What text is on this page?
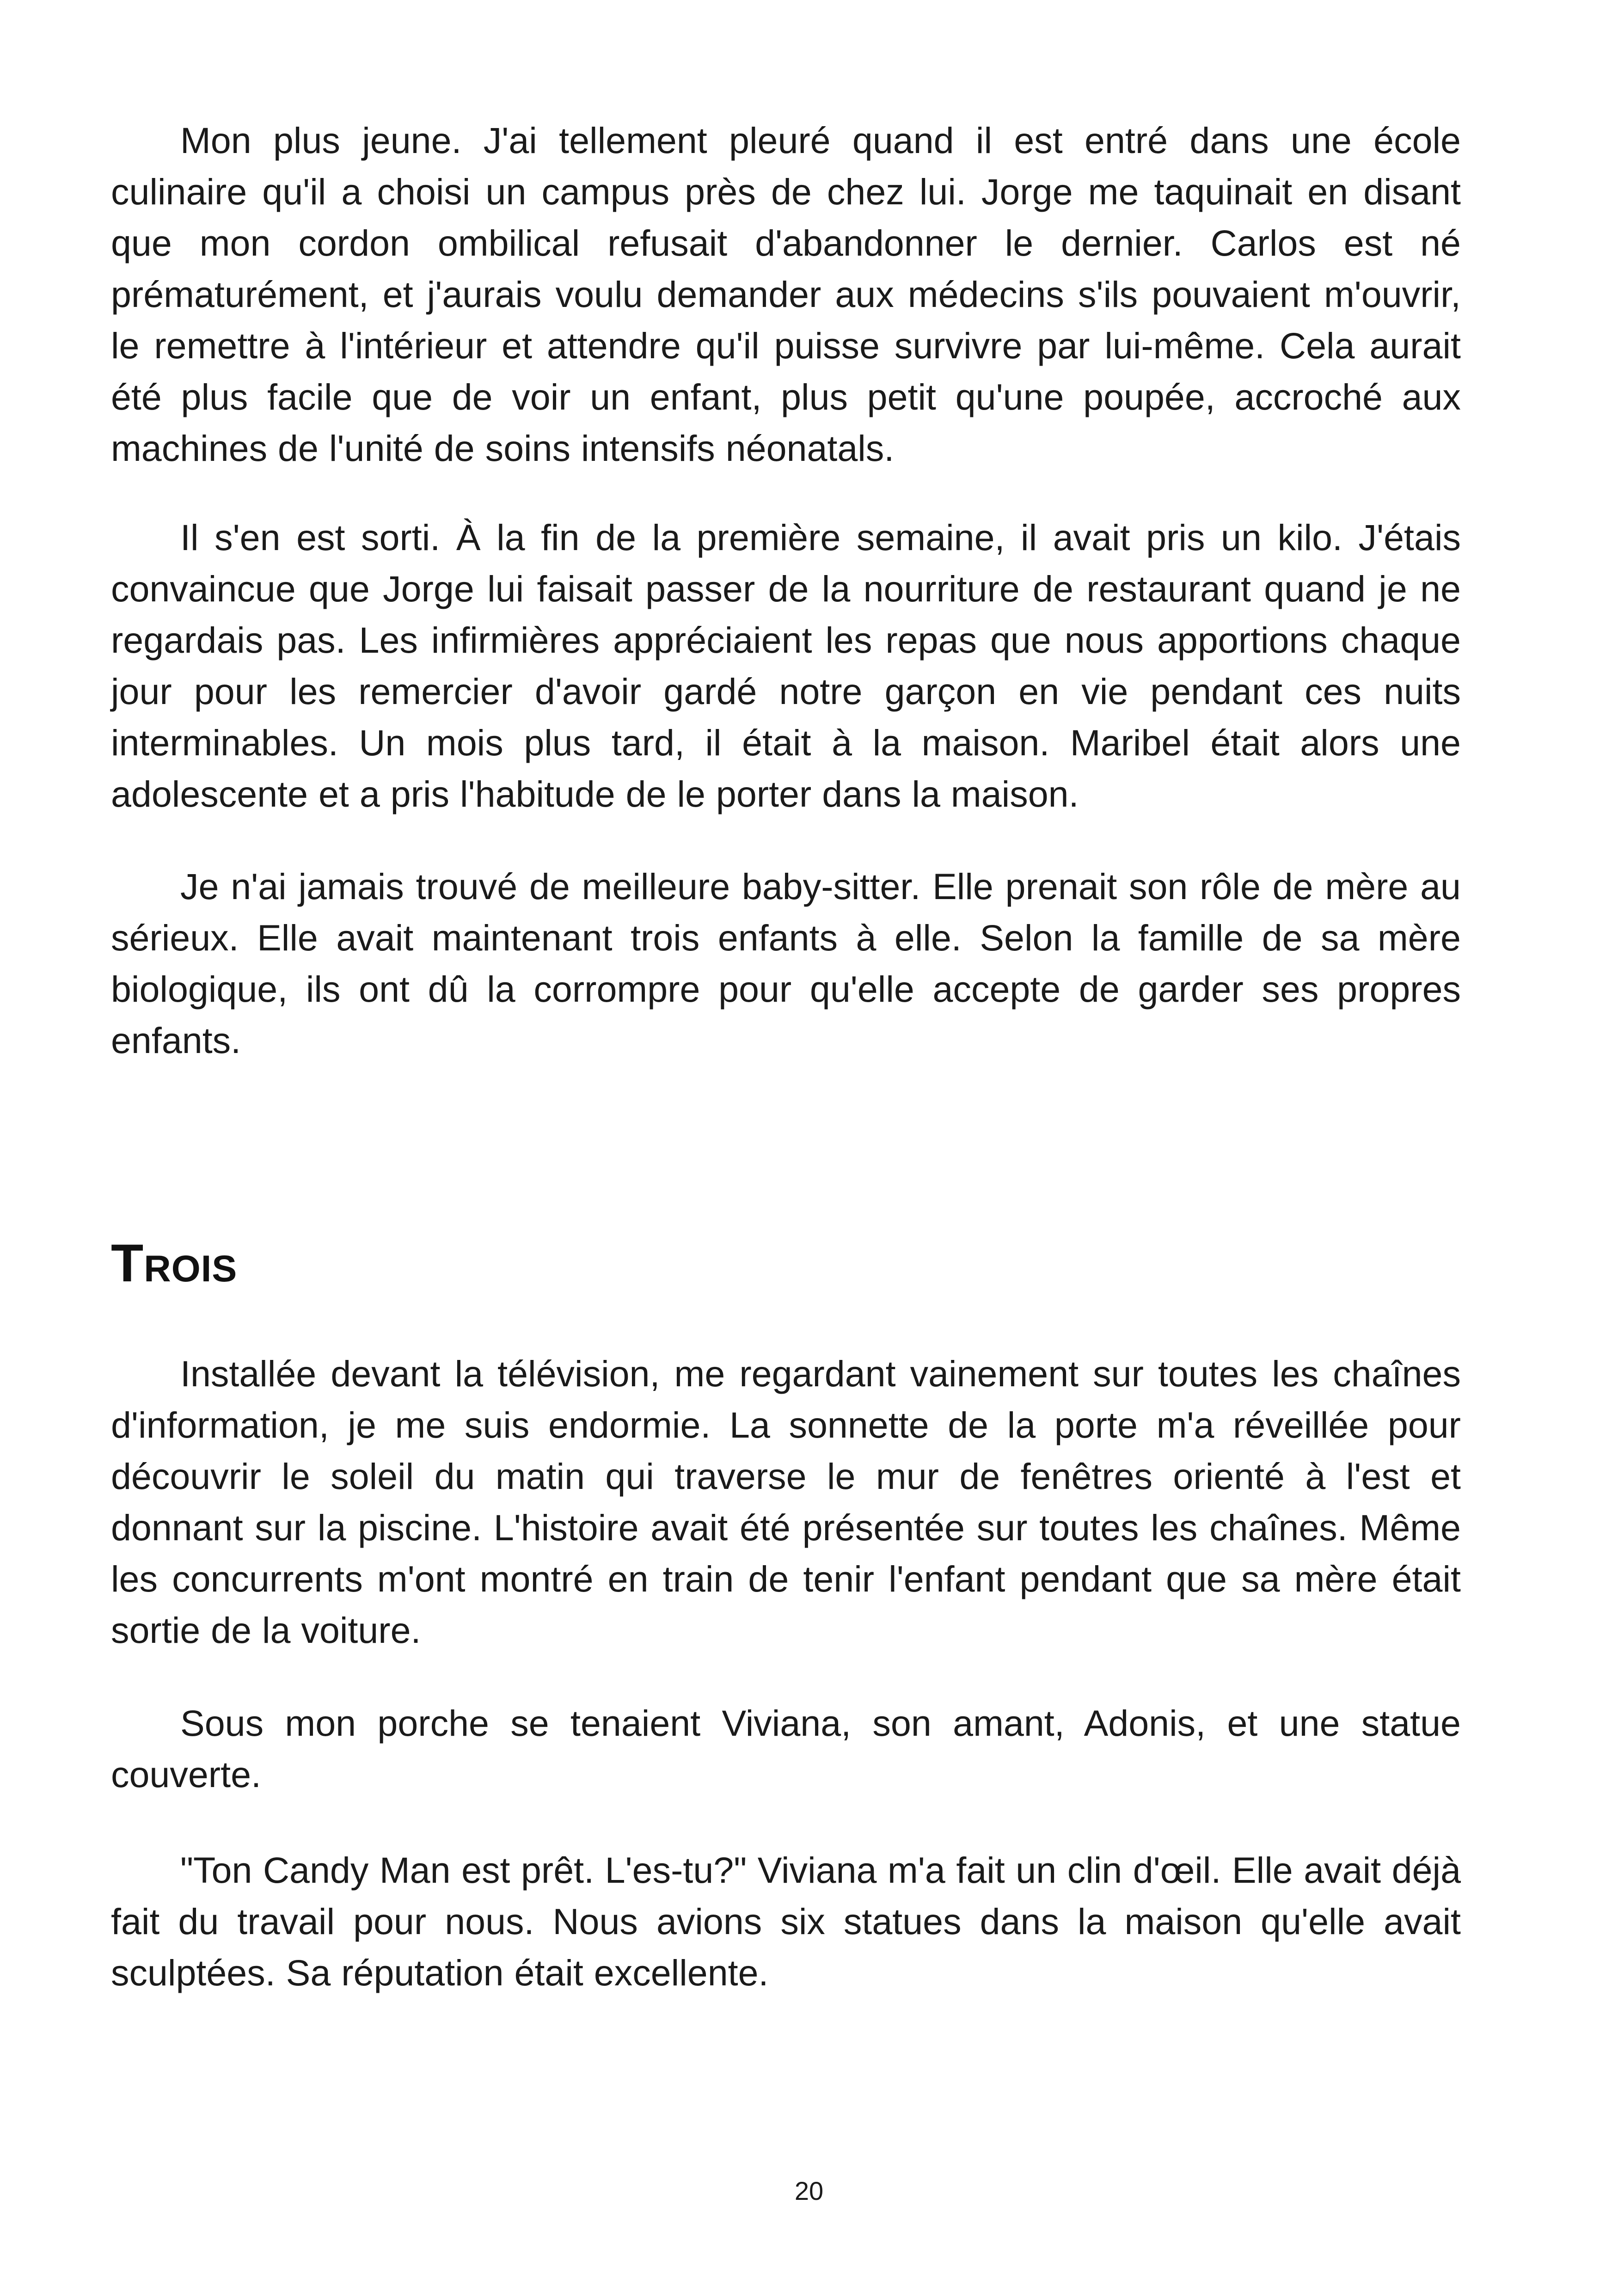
Mon plus jeune. J'ai tellement pleuré quand il est entré dans une école culinaire qu'il a choisi un campus près de chez lui. Jorge me taquinait en disant que mon cordon ombilical refusait d'abandonner le dernier. Carlos est né prématurément, et j'aurais voulu demander aux médecins s'ils pouvaient m'ouvrir, le remettre à l'intérieur et attendre qu'il puisse survivre par lui-même. Cela aurait été plus facile que de voir un enfant, plus petit qu'une poupée, accroché aux machines de l'unité de soins intensifs néonatals.

Il s'en est sorti. À la fin de la première semaine, il avait pris un kilo. J'étais convaincue que Jorge lui faisait passer de la nourriture de restaurant quand je ne regardais pas. Les infirmières appréciaient les repas que nous apportions chaque jour pour les remercier d'avoir gardé notre garçon en vie pendant ces nuits interminables. Un mois plus tard, il était à la maison. Maribel était alors une adolescente et a pris l'habitude de le porter dans la maison.

Je n'ai jamais trouvé de meilleure baby-sitter. Elle prenait son rôle de mère au sérieux. Elle avait maintenant trois enfants à elle. Selon la famille de sa mère biologique, ils ont dû la corrompre pour qu'elle accepte de garder ses propres enfants.

Trois

Installée devant la télévision, me regardant vainement sur toutes les chaînes d'information, je me suis endormie. La sonnette de la porte m'a réveillée pour découvrir le soleil du matin qui traverse le mur de fenêtres orienté à l'est et donnant sur la piscine. L'histoire avait été présentée sur toutes les chaînes. Même les concurrents m'ont montré en train de tenir l'enfant pendant que sa mère était sortie de la voiture.

Sous mon porche se tenaient Viviana, son amant, Adonis, et une statue couverte.

"Ton Candy Man est prêt. L'es-tu?" Viviana m'a fait un clin d'œil. Elle avait déjà fait du travail pour nous. Nous avions six statues dans la maison qu'elle avait sculptées. Sa réputation était excellente.

20
